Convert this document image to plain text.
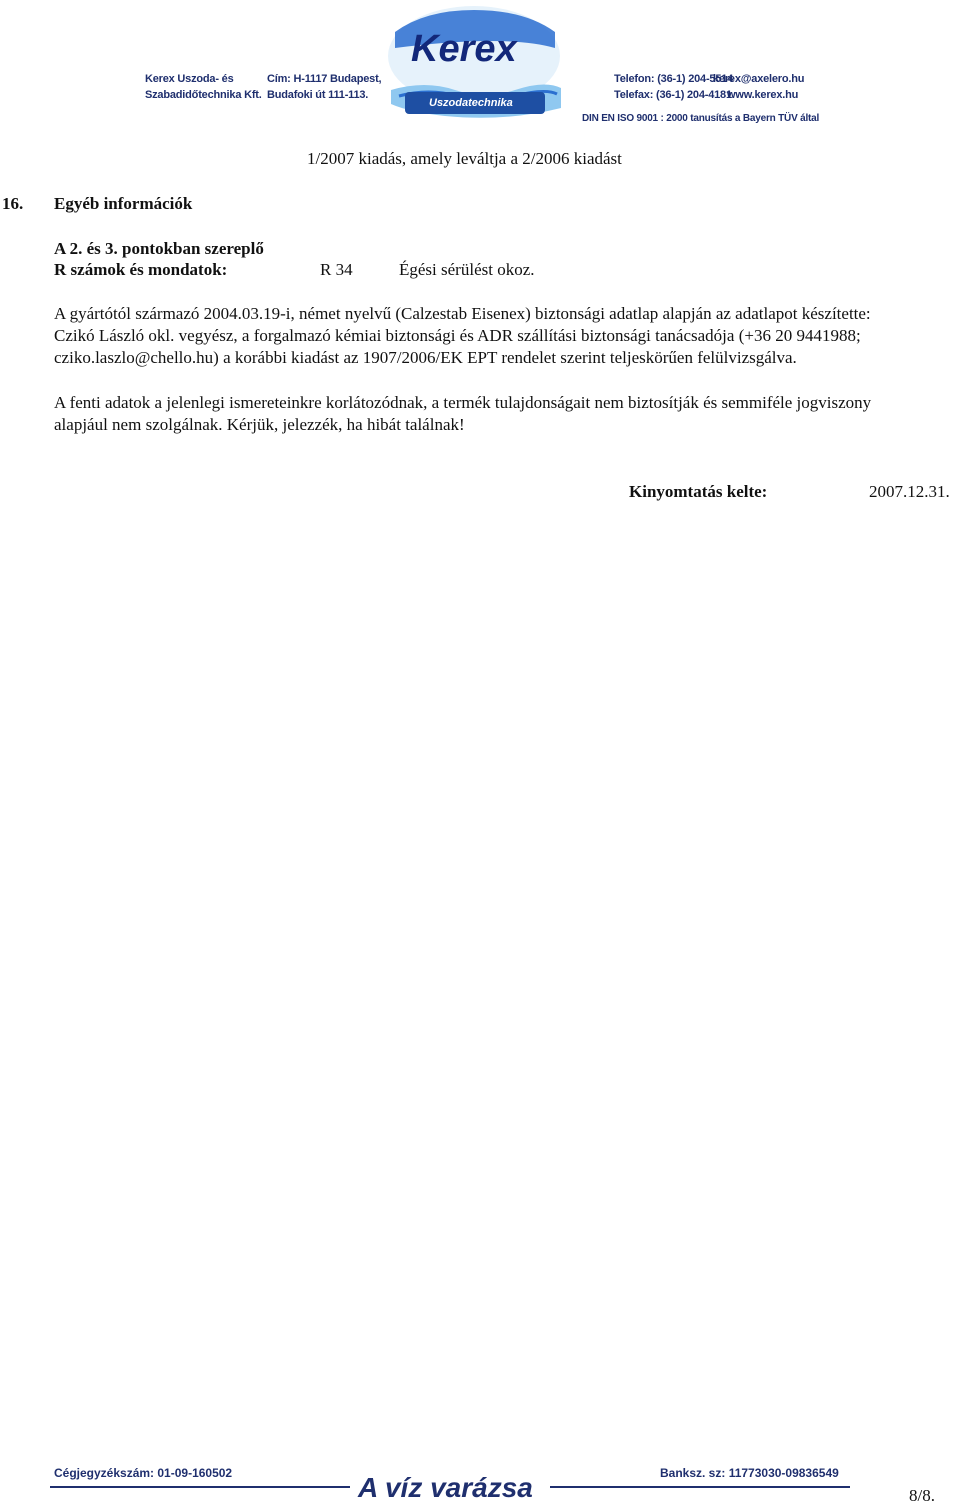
Kerex Uszoda- és
Szabadidőtechnika Kft.
Cím: H-1117 Budapest,
Budafoki út 111-113.
Telefon: (36-1) 204-5514
Telefax: (36-1) 204-4181
kerex@axelero.hu
www.kerex.hu
DIN EN ISO 9001 : 2000 tanusítás a Bayern TÜV által
Kerex
Uszodatechnika
1/2007 kiadás, amely leváltja a 2/2006 kiadást
16. Egyéb információk
A 2. és 3. pontokban szereplő
R számok és mondatok:	R 34	Égési sérülést okoz.
A gyártótól származó 2004.03.19-i, német nyelvű (Calzestab Eisenex) biztonsági adatlap alapján az adatlapot készítette:
Czikó László okl. vegyész, a forgalmazó kémiai biztonsági és ADR szállítási biztonsági tanácsadója (+36 20 9441988;
cziko.laszlo@chello.hu) a korábbi kiadást az 1907/2006/EK EPT rendelet szerint teljeskörűen felülvizsgálva.
A fenti adatok a jelenlegi ismereteinkre korlátozódnak, a termék tulajdonságait nem biztosítják és semmiféle jogviszony
alapjául nem szolgálnak. Kérjük, jelezzék, ha hibát találnak!
Kinyomtatás kelte:	2007.12.31.
Cégjegyzékszám: 01-09-160502	A víz varázsa	Banksz. sz: 11773030-09836549
8/8.
